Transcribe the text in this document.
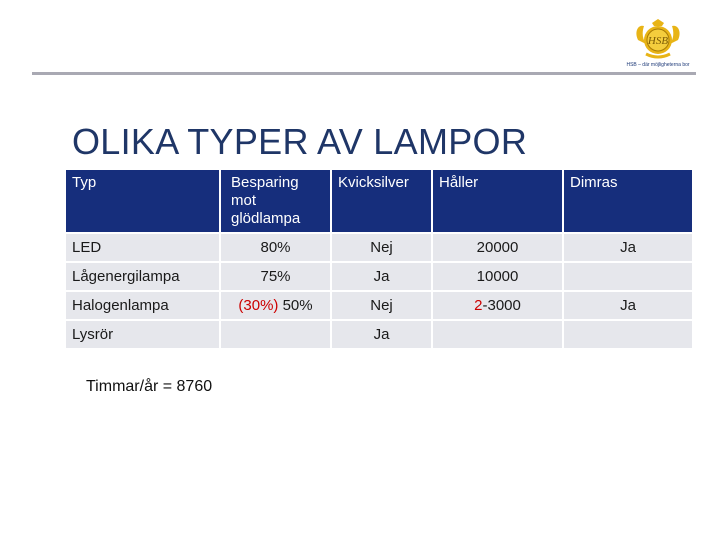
HSB
HSB – där möjligheterna bor
OLIKA TYPER AV LAMPOR
Typ	Besparing mot glödlampa	Kvicksilver	Håller	Dimras
LED	80%	Nej	20000	Ja
Lågenergilampa	75%	Ja	10000	
Halogenlampa	(30%) 50%	Nej	2-3000	Ja
Lysrör		Ja		
Timmar/år = 8760
